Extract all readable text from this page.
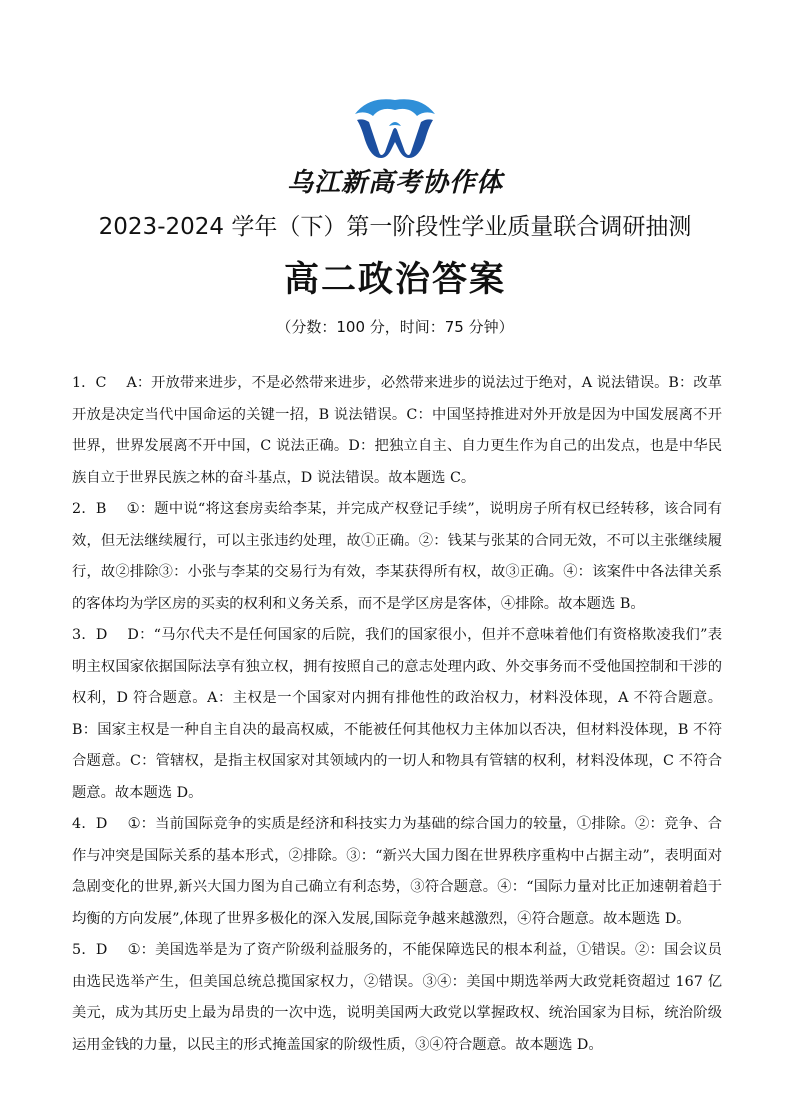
乌江新高考协作体
2023-2024 学年（下）第一阶段性学业质量联合调研抽测
高二政治答案
（分数：100 分，时间：75 分钟）

1．C A：开放带来进步，不是必然带来进步，必然带来进步的说法过于绝对，A 说法错误。B：改革开放是决定当代中国命运的关键一招，B 说法错误。C：中国坚持推进对外开放是因为中国发展离不开世界，世界发展离不开中国，C 说法正确。D：把独立自主、自力更生作为自己的出发点，也是中华民族自立于世界民族之林的奋斗基点，D 说法错误。故本题选 C。

2．B ①：题中说“将这套房卖给李某，并完成产权登记手续”，说明房子所有权已经转移，该合同有效，但无法继续履行，可以主张违约处理，故①正确。②：钱某与张某的合同无效，不可以主张继续履行，故②排除③：小张与李某的交易行为有效，李某获得所有权，故③正确。④：该案件中各法律关系的客体均为学区房的买卖的权利和义务关系，而不是学区房是客体，④排除。故本题选 B。

3．D D：“马尔代夫不是任何国家的后院，我们的国家很小，但并不意味着他们有资格欺凌我们”表明主权国家依据国际法享有独立权，拥有按照自己的意志处理内政、外交事务而不受他国控制和干涉的权利，D 符合题意。A：主权是一个国家对内拥有排他性的政治权力，材料没体现，A 不符合题意。B：国家主权是一种自主自决的最高权威，不能被任何其他权力主体加以否决，但材料没体现，B 不符合题意。C：管辖权，是指主权国家对其领域内的一切人和物具有管辖的权利，材料没体现，C 不符合题意。故本题选 D。

4．D ①：当前国际竞争的实质是经济和科技实力为基础的综合国力的较量，①排除。②：竞争、合作与冲突是国际关系的基本形式，②排除。③：“新兴大国力图在世界秩序重构中占据主动”，表明面对急剧变化的世界,新兴大国力图为自己确立有利态势，③符合题意。④：“国际力量对比正加速朝着趋于均衡的方向发展”,体现了世界多极化的深入发展,国际竞争越来越激烈，④符合题意。故本题选 D。

5．D ①：美国选举是为了资产阶级利益服务的，不能保障选民的根本利益，①错误。②：国会议员由选民选举产生，但美国总统总揽国家权力，②错误。③④：美国中期选举两大政党耗资超过 167 亿美元，成为其历史上最为昂贵的一次中选，说明美国两大政党以掌握政权、统治国家为目标，统治阶级运用金钱的力量，以民主的形式掩盖国家的阶级性质，③④符合题意。故本题选 D。
